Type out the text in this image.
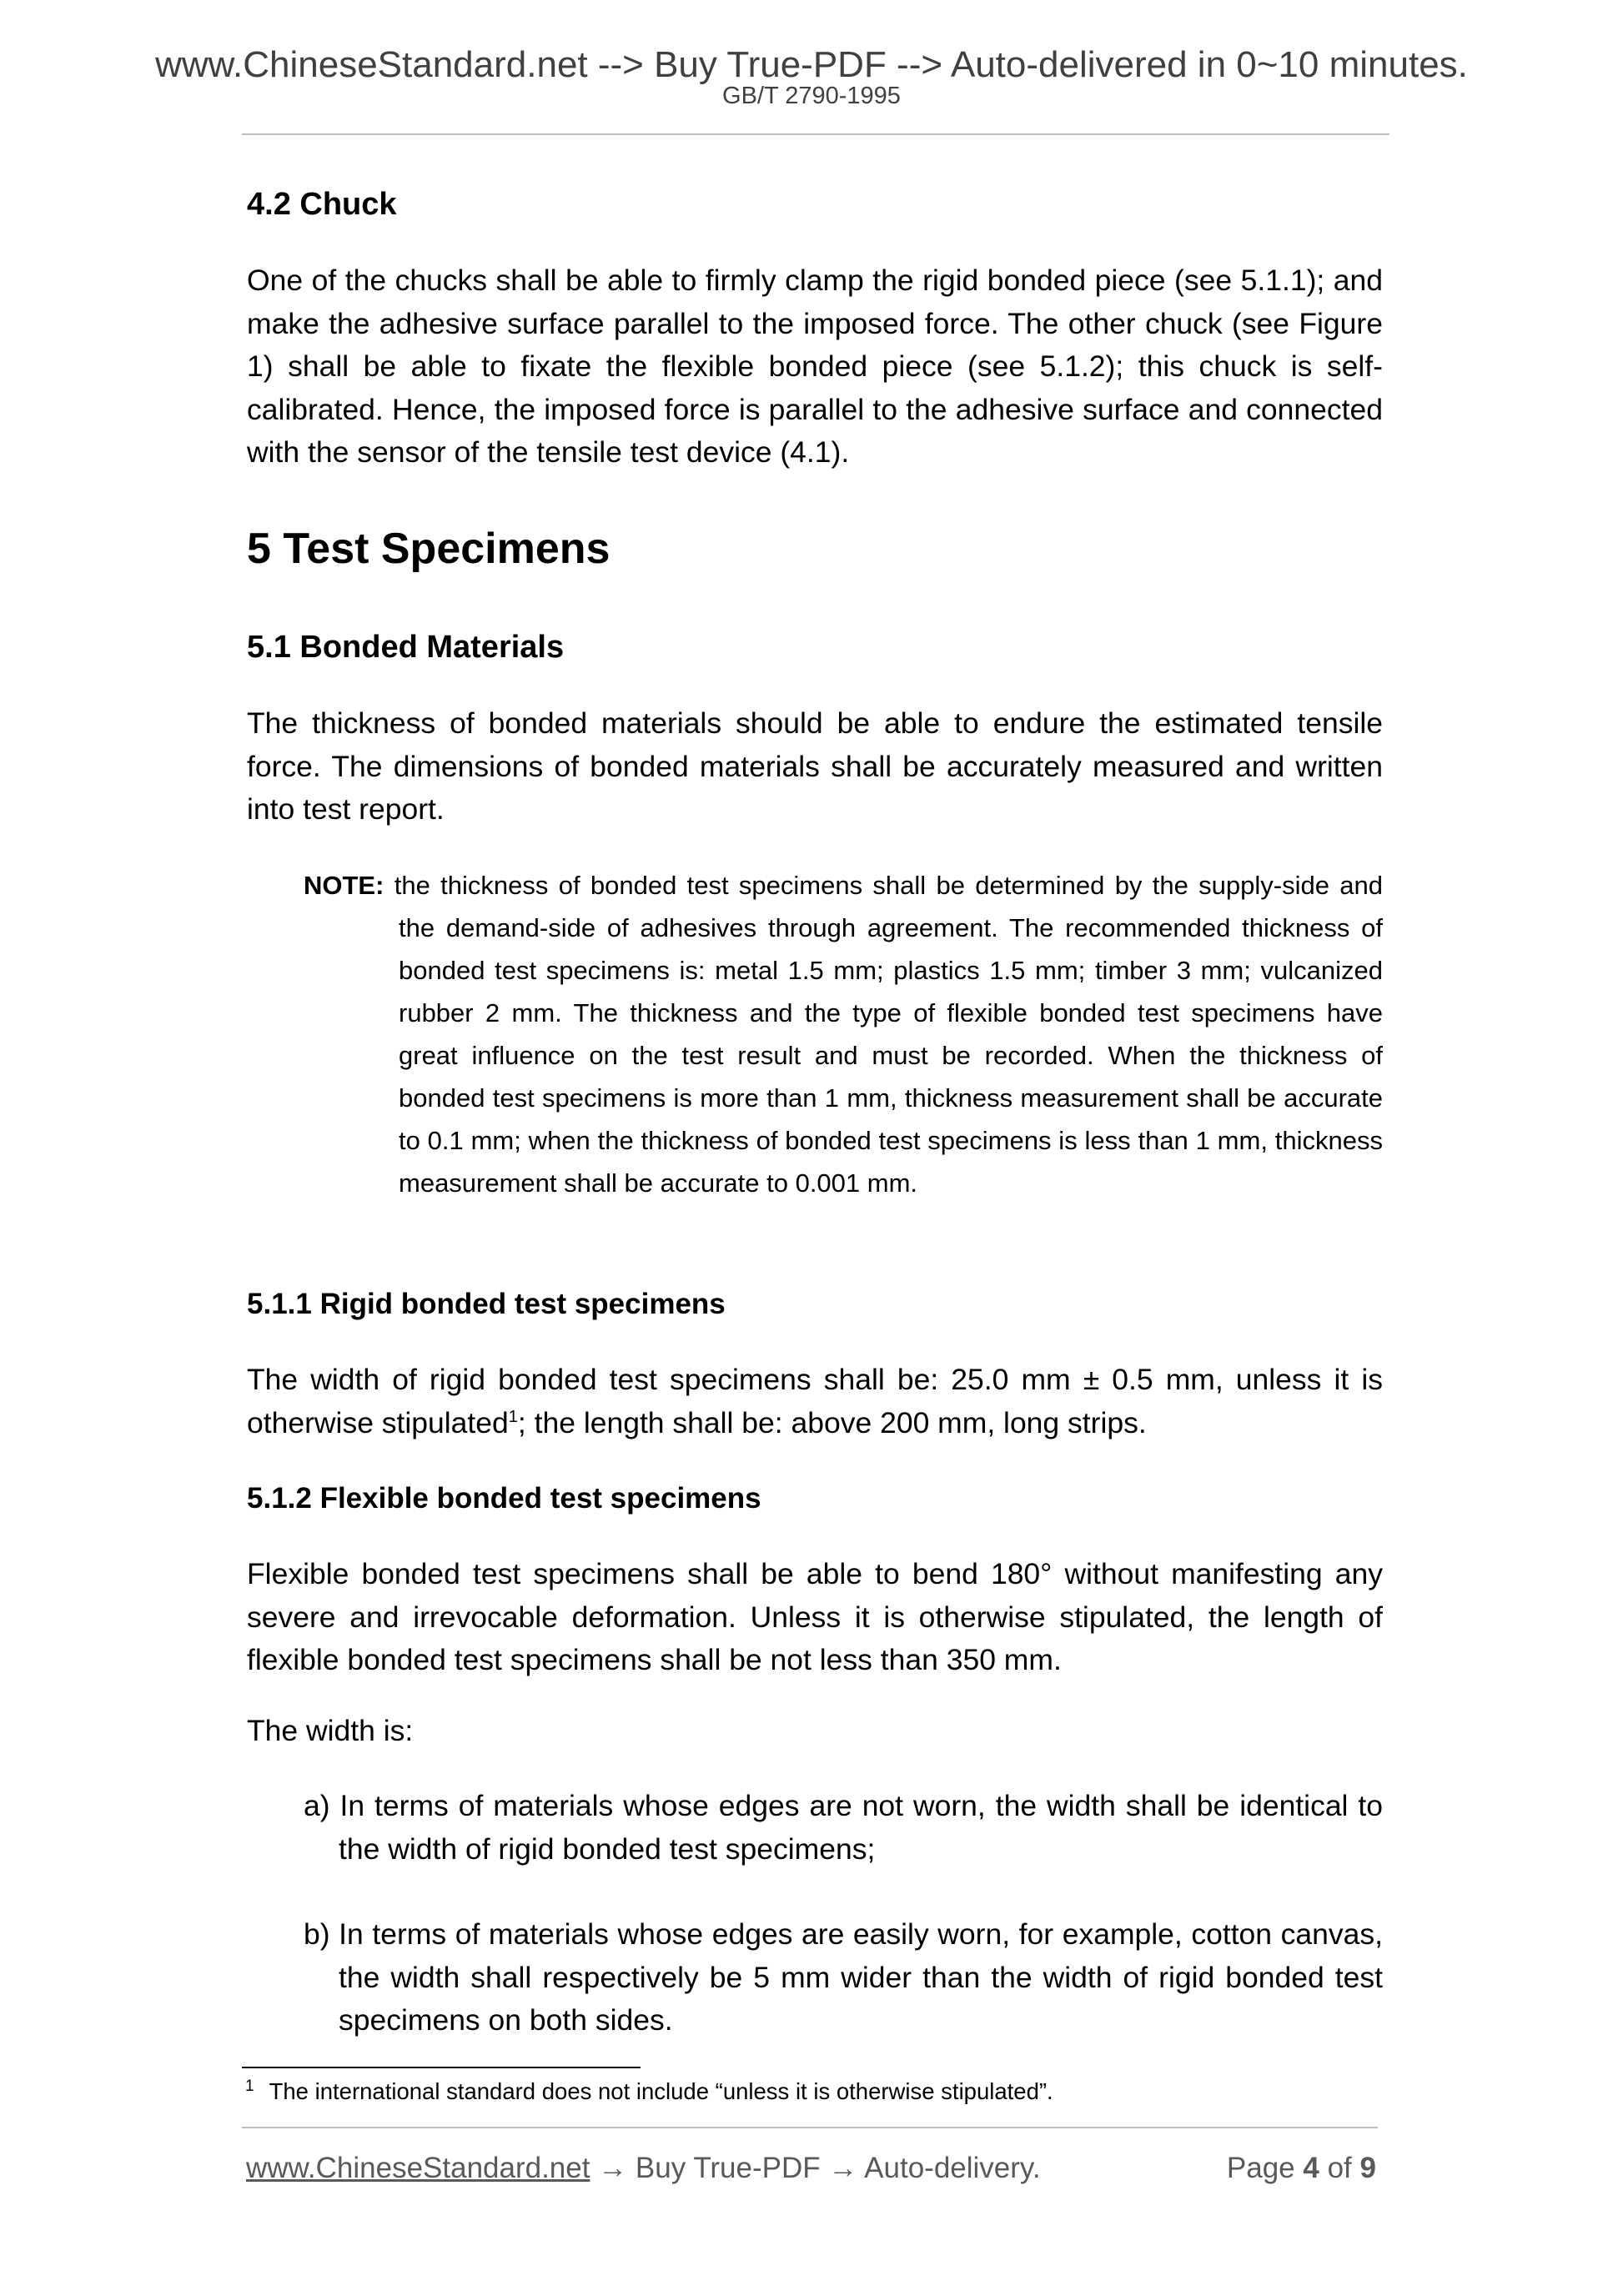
www.ChineseStandard.net --> Buy True-PDF --> Auto-delivered in 0~10 minutes.
GB/T 2790-1995
4.2 Chuck
One of the chucks shall be able to firmly clamp the rigid bonded piece (see 5.1.1); and make the adhesive surface parallel to the imposed force. The other chuck (see Figure 1) shall be able to fixate the flexible bonded piece (see 5.1.2); this chuck is self-calibrated. Hence, the imposed force is parallel to the adhesive surface and connected with the sensor of the tensile test device (4.1).
5 Test Specimens
5.1 Bonded Materials
The thickness of bonded materials should be able to endure the estimated tensile force. The dimensions of bonded materials shall be accurately measured and written into test report.
NOTE: the thickness of bonded test specimens shall be determined by the supply-side and the demand-side of adhesives through agreement. The recommended thickness of bonded test specimens is: metal 1.5 mm; plastics 1.5 mm; timber 3 mm; vulcanized rubber 2 mm. The thickness and the type of flexible bonded test specimens have great influence on the test result and must be recorded. When the thickness of bonded test specimens is more than 1 mm, thickness measurement shall be accurate to 0.1 mm; when the thickness of bonded test specimens is less than 1 mm, thickness measurement shall be accurate to 0.001 mm.
5.1.1 Rigid bonded test specimens
The width of rigid bonded test specimens shall be: 25.0 mm ± 0.5 mm, unless it is otherwise stipulated$^1$; the length shall be: above 200 mm, long strips.
5.1.2 Flexible bonded test specimens
Flexible bonded test specimens shall be able to bend 180° without manifesting any severe and irrevocable deformation. Unless it is otherwise stipulated, the length of flexible bonded test specimens shall be not less than 350 mm.
The width is:
a) In terms of materials whose edges are not worn, the width shall be identical to the width of rigid bonded test specimens;
b) In terms of materials whose edges are easily worn, for example, cotton canvas, the width shall respectively be 5 mm wider than the width of rigid bonded test specimens on both sides.
$^1$ The international standard does not include “unless it is otherwise stipulated”.
www.ChineseStandard.net → Buy True-PDF → Auto-delivery.	Page 4 of 9
